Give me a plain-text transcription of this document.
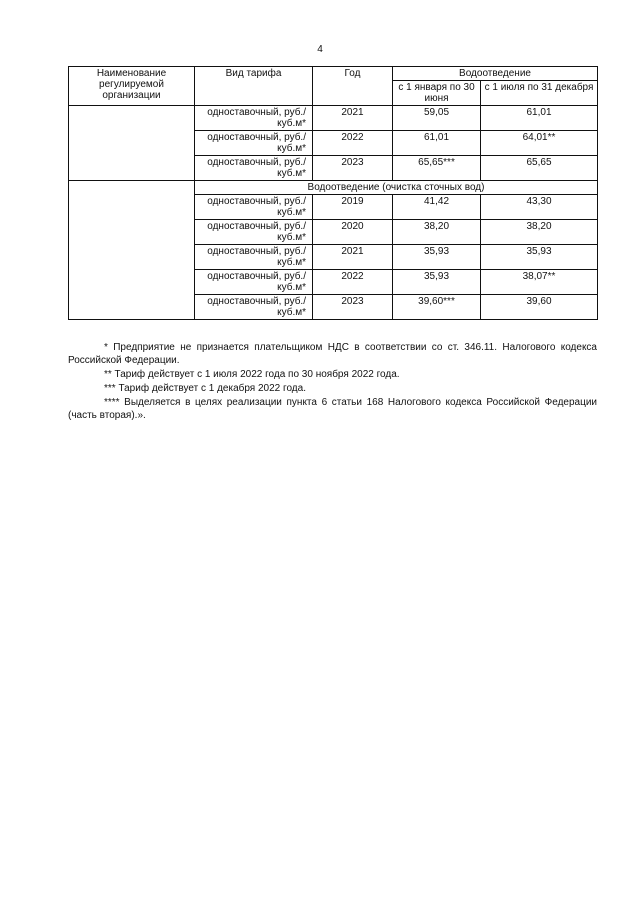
4
Наименование регулируемой организации	Вид тарифа	Год	Водоотведение	
			с 1 января по 30 июня	с 1 июля по 31 декабря
	одноставочный, руб./куб.м*	2021	59,05	61,01
	одноставочный, руб./куб.м*	2022	61,01	64,01**
	одноставочный, руб./куб.м*	2023	65,65***	65,65
	Водоотведение (очистка сточных вод)			
	одноставочный, руб./куб.м*	2019	41,42	43,30
	одноставочный, руб./куб.м*	2020	38,20	38,20
	одноставочный, руб./куб.м*	2021	35,93	35,93
	одноставочный, руб./куб.м*	2022	35,93	38,07**
	одноставочный, руб./куб.м*	2023	39,60***	39,60

* Предприятие не признается плательщиком НДС в соответствии со ст. 346.11. Налогового кодекса Российской Федерации.

** Тариф действует с 1 июля 2022 года по 30 ноября 2022 года.

*** Тариф действует с 1 декабря 2022 года.

**** Выделяется в целях реализации пункта 6 статьи 168 Налогового кодекса Российской Федерации (часть вторая).».
